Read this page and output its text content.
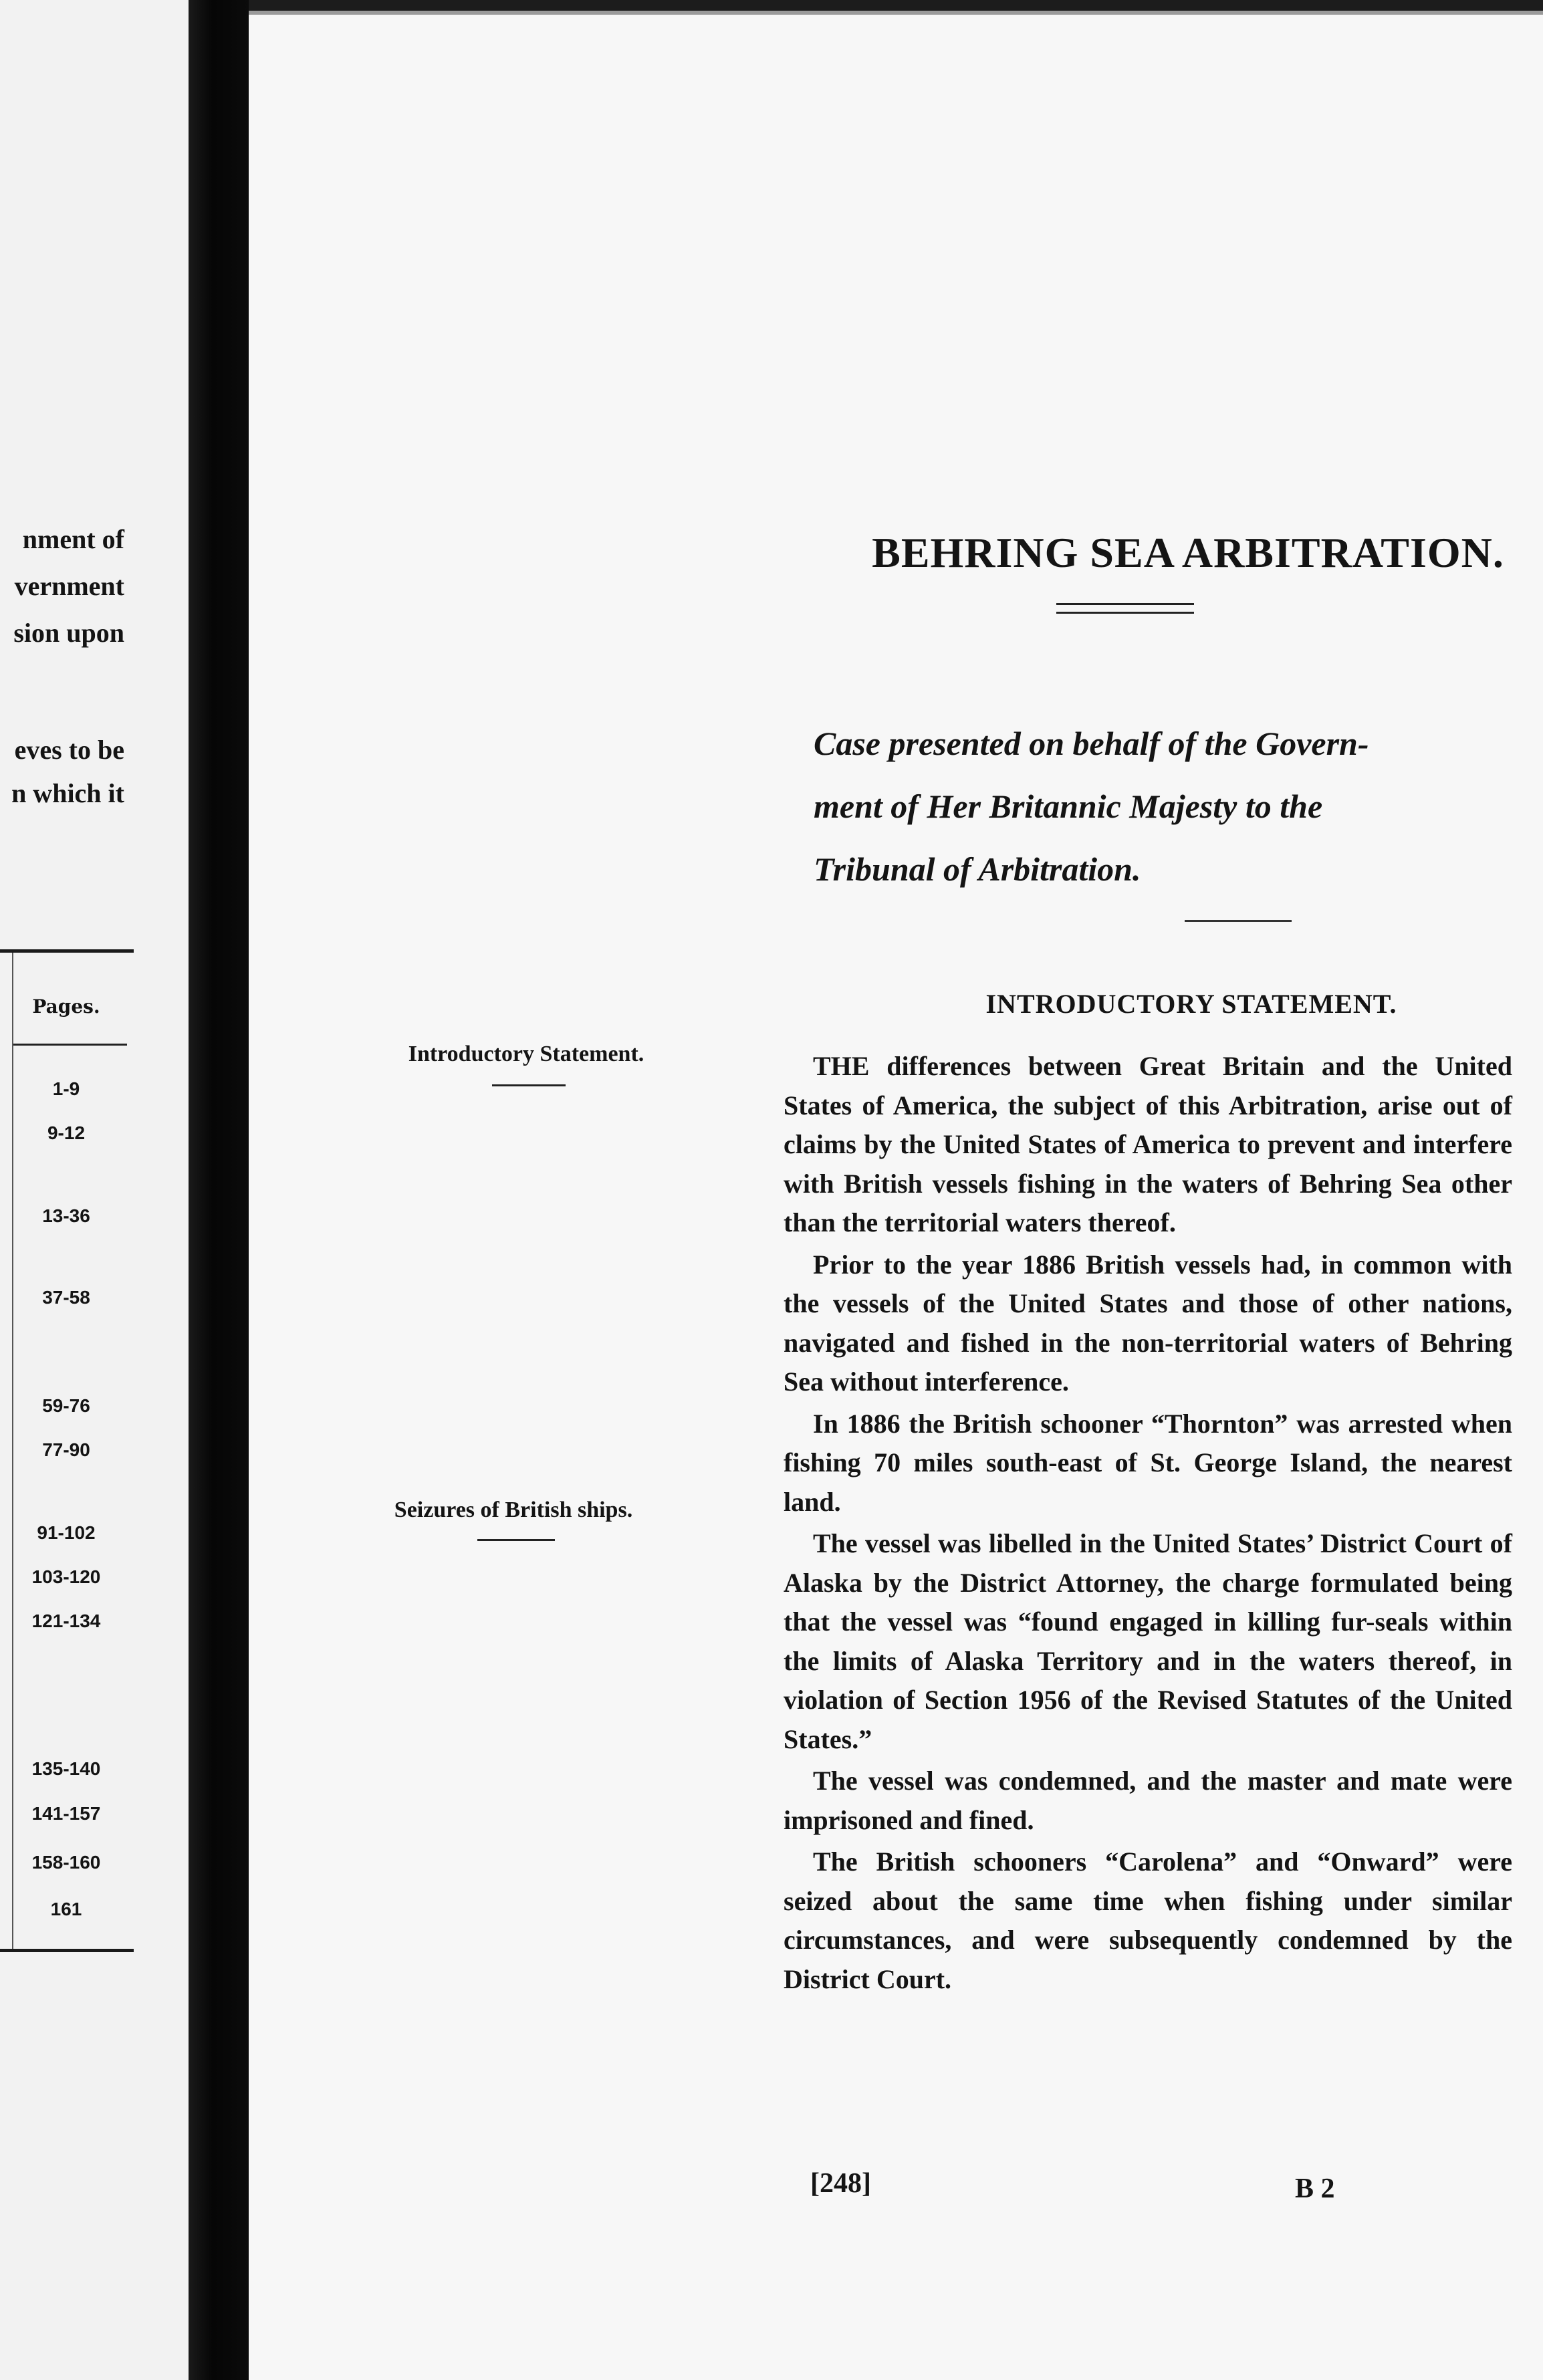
nment of
vernment
sion upon
eves to be
n which it
Pages.
1-9
9-12
13-36
37-58
59-76
77-90
91-102
103-120
121-134
135-140
141-157
158-160
161
BEHRING SEA ARBITRATION.
Case presented on behalf of the Govern-
ment of Her Britannic Majesty to the
Tribunal of Arbitration.
INTRODUCTORY STATEMENT.
Introductory Statement.
Seizures of British ships.

THE differences between Great Britain and the United States of America, the subject of this Arbitration, arise out of claims by the United States of America to prevent and interfere with British vessels fishing in the waters of Behring Sea other than the territorial waters thereof.

Prior to the year 1886 British vessels had, in common with the vessels of the United States and those of other nations, navigated and fished in the non-territorial waters of Behring Sea without interference.

In 1886 the British schooner “Thornton” was arrested when fishing 70 miles south-east of St. George Island, the nearest land.

The vessel was libelled in the United States’ District Court of Alaska by the District Attorney, the charge formulated being that the vessel was “found engaged in killing fur-seals within the limits of Alaska Territory and in the waters thereof, in violation of Section 1956 of the Revised Statutes of the United States.”

The vessel was condemned, and the master and mate were imprisoned and fined.

The British schooners “Carolena” and “Onward” were seized about the same time when fishing under similar circumstances, and were subsequently condemned by the District Court.

[248]	B 2
